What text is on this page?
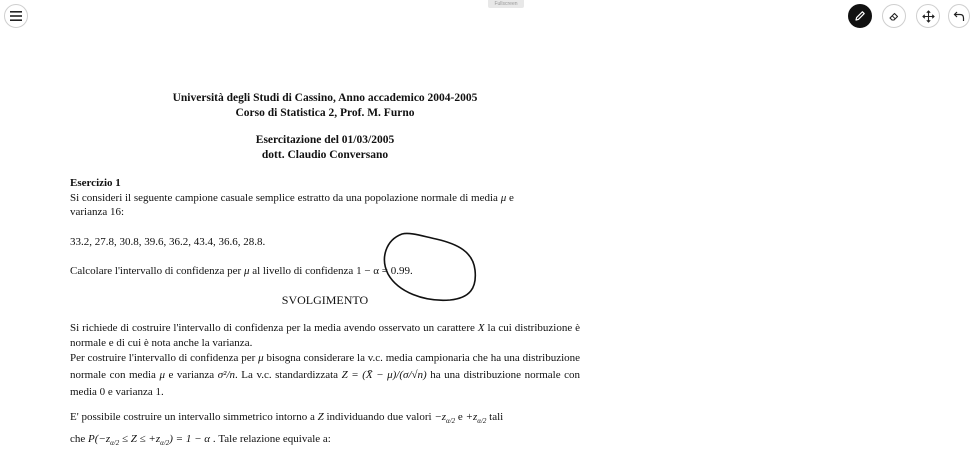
Fullscreen
Università degli Studi di Cassino, Anno accademico 2004-2005
Corso di Statistica 2, Prof. M. Furno
Esercitazione del 01/03/2005
dott. Claudio Conversano
Esercizio 1
Si consideri il seguente campione casuale semplice estratto da una popolazione normale di media μ e
varianza 16:
33.2, 27.8, 30.8, 39.6, 36.2, 43.4, 36.6, 28.8.
Calcolare l'intervallo di confidenza per μ al livello di confidenza 1 − α = 0.99.
SVOLGIMENTO
Si richiede di costruire l'intervallo di confidenza per la media avendo osservato un carattere X la cui distribuzione è normale e di cui è nota anche la varianza.
Per costruire l'intervallo di confidenza per μ bisogna considerare la v.c. media campionaria che ha una distribuzione normale con media μ e varianza σ²/n. La v.c. standardizzata Z = (X̄ − μ)/(σ/√n) ha una distribuzione normale con media 0 e varianza 1.
E' possibile costruire un intervallo simmetrico intorno a Z individuando due valori $-z_{\alpha/2}$ $e +z_{\alpha/2}$ tali
che $P(-z_{\alpha/2} \le Z \le +z_{\alpha/2}) = 1 - \alpha$ . Tale relazione equivale a:
